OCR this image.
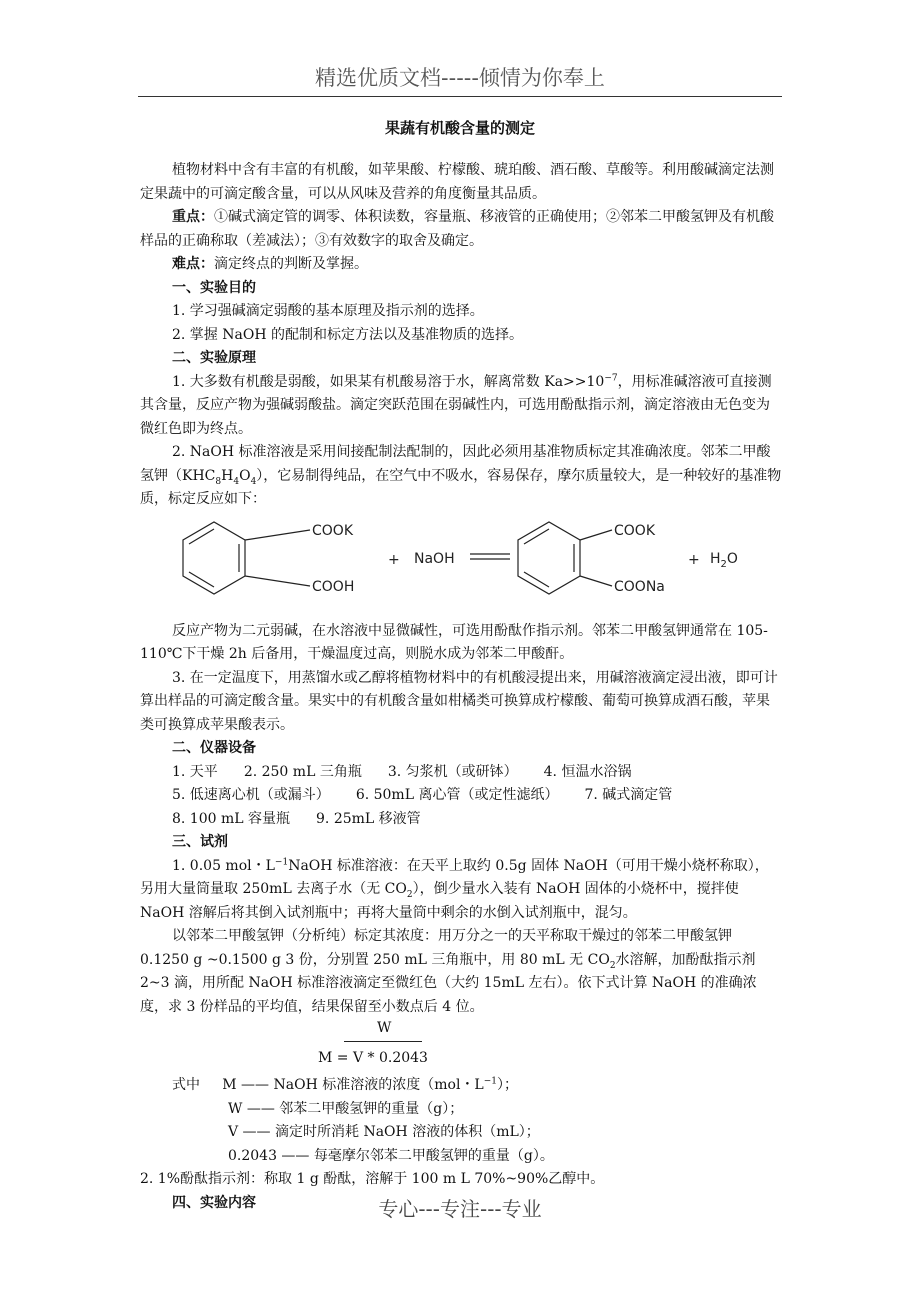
精选优质文档-----倾情为你奉上
果蔬有机酸含量的测定

植物材料中含有丰富的有机酸，如苹果酸、柠檬酸、琥珀酸、酒石酸、草酸等。利用酸碱滴定法测定果蔬中的可滴定酸含量，可以从风味及营养的角度衡量其品质。

重点：①碱式滴定管的调零、体积读数，容量瓶、移液管的正确使用；②邻苯二甲酸氢钾及有机酸样品的正确称取（差减法）；③有效数字的取舍及确定。

难点：滴定终点的判断及掌握。

一、实验目的

1. 学习强碱滴定弱酸的基本原理及指示剂的选择。

2. 掌握 NaOH 的配制和标定方法以及基准物质的选择。

二、实验原理

1. 大多数有机酸是弱酸，如果某有机酸易溶于水，解离常数 $Ka>>10^{-7}$，用标准碱溶液可直接测其含量，反应产物为强碱弱酸盐。滴定突跃范围在弱碱性内，可选用酚酞指示剂，滴定溶液由无色变为微红色即为终点。

2. NaOH 标准溶液是采用间接配制法配制的，因此必须用基准物质标定其准确浓度。邻苯二甲酸氢钾$(KHC_8H_4O_4)$，它易制得纯品，在空气中不吸水，容易保存，摩尔质量较大，是一种较好的基准物质，标定反应如下：

COOK
COOH
+ NaOH
COOK
COONa
+ $H_2O$

反应产物为二元弱碱，在水溶液中显微碱性，可选用酚酞作指示剂。邻苯二甲酸氢钾通常在 105-110℃下干燥 2h 后备用，干燥温度过高，则脱水成为邻苯二甲酸酐。

3. 在一定温度下，用蒸馏水或乙醇将植物材料中的有机酸浸提出来，用碱溶液滴定浸出液，即可计算出样品的可滴定酸含量。果实中的有机酸含量如柑橘类可换算成柠檬酸、葡萄可换算成酒石酸，苹果类可换算成苹果酸表示。

二、仪器设备

1. 天平 2. 250 mL 三角瓶 3. 匀浆机（或研钵） 4. 恒温水浴锅
5. 低速离心机（或漏斗） 6. 50mL 离心管（或定性滤纸） 7. 碱式滴定管
8. 100 mL 容量瓶 9. 25mL 移液管

三、试剂

1. 0.05 mol・$L^{-1}NaOH$ 标准溶液：在天平上取约 0.5g 固体 NaOH（可用干燥小烧杯称取），另用大量筒量取 250mL 去离子水（无 $CO_2$），倒少量水入装有 NaOH 固体的小烧杯中，搅拌使 NaOH 溶解后将其倒入试剂瓶中；再将大量筒中剩余的水倒入试剂瓶中，混匀。

以邻苯二甲酸氢钾（分析纯）标定其浓度：用万分之一的天平称取干燥过的邻苯二甲酸氢钾 0.1250 g ~0.1500 g 3 份，分别置 250 mL 三角瓶中，用 80 mL 无 $CO_2$水溶解，加酚酞指示剂 2~3 滴，用所配 NaOH 标准溶液滴定至微红色（大约 15mL 左右）。依下式计算 NaOH 的准确浓度，求 3 份样品的平均值，结果保留至小数点后 4 位。

W
M = V * 0.2043

式中 M —— NaOH 标准溶液的浓度（mol・$L^{-1}$）；

W —— 邻苯二甲酸氢钾的重量（g）；

V —— 滴定时所消耗 NaOH 溶液的体积（mL）；

0.2043 —— 每毫摩尔邻苯二甲酸氢钾的重量（g）。

2. 1%酚酞指示剂：称取 1 g 酚酞，溶解于 100 m L 70%~90%乙醇中。

四、实验内容	专心---专注---专业
